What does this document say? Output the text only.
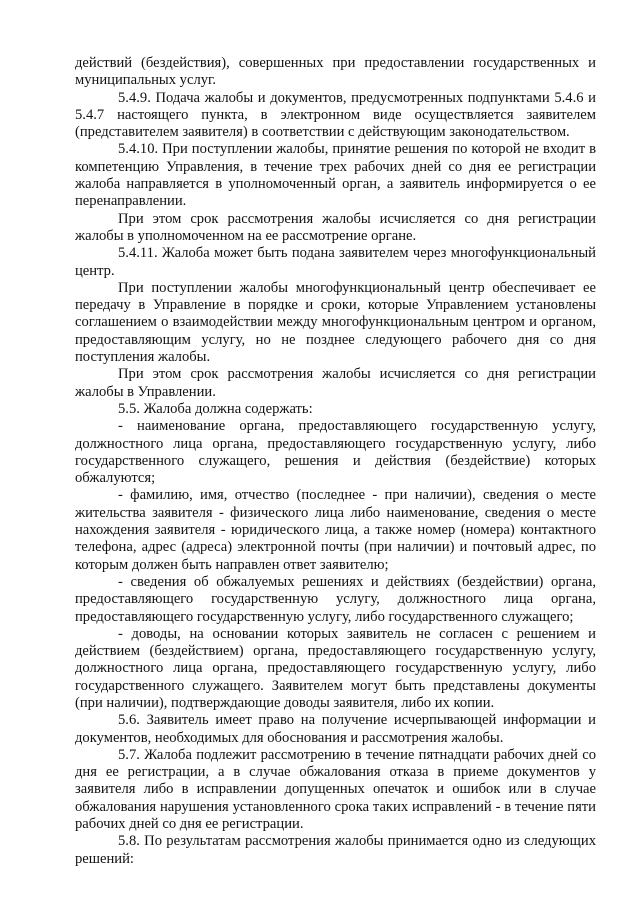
действий (бездействия), совершенных при предоставлении государственных и муниципальных услуг.

5.4.9. Подача жалобы и документов, предусмотренных подпунктами 5.4.6 и 5.4.7 настоящего пункта, в электронном виде осуществляется заявителем (представителем заявителя) в соответствии с действующим законодательством.

5.4.10. При поступлении жалобы, принятие решения по которой не входит в компетенцию Управления, в течение трех рабочих дней со дня ее регистрации жалоба направляется в уполномоченный орган, а заявитель информируется о ее перенаправлении.

При этом срок рассмотрения жалобы исчисляется со дня регистрации жалобы в уполномоченном на ее рассмотрение органе.

5.4.11. Жалоба может быть подана заявителем через многофункциональный центр.

При поступлении жалобы многофункциональный центр обеспечивает ее передачу в Управление в порядке и сроки, которые Управлением установлены соглашением о взаимодействии между многофункциональным центром и органом, предоставляющим услугу, но не позднее следующего рабочего дня со дня поступления жалобы.

При этом срок рассмотрения жалобы исчисляется со дня регистрации жалобы в Управлении.

5.5. Жалоба должна содержать:

- наименование органа, предоставляющего государственную услугу, должностного лица органа, предоставляющего государственную услугу, либо государственного служащего, решения и действия (бездействие) которых обжалуются;

- фамилию, имя, отчество (последнее - при наличии), сведения о месте жительства заявителя - физического лица либо наименование, сведения о месте нахождения заявителя - юридического лица, а также номер (номера) контактного телефона, адрес (адреса) электронной почты (при наличии) и почтовый адрес, по которым должен быть направлен ответ заявителю;

- сведения об обжалуемых решениях и действиях (бездействии) органа, предоставляющего государственную услугу, должностного лица органа, предоставляющего государственную услугу, либо государственного служащего;

- доводы, на основании которых заявитель не согласен с решением и действием (бездействием) органа, предоставляющего государственную услугу, должностного лица органа, предоставляющего государственную услугу, либо государственного служащего. Заявителем могут быть представлены документы (при наличии), подтверждающие доводы заявителя, либо их копии.

5.6. Заявитель имеет право на получение исчерпывающей информации и документов, необходимых для обоснования и рассмотрения жалобы.

5.7. Жалоба подлежит рассмотрению в течение пятнадцати рабочих дней со дня ее регистрации, а в случае обжалования отказа в приеме документов у заявителя либо в исправлении допущенных опечаток и ошибок или в случае обжалования нарушения установленного срока таких исправлений - в течение пяти рабочих дней со дня ее регистрации.

5.8. По результатам рассмотрения жалобы принимается одно из следующих решений:
